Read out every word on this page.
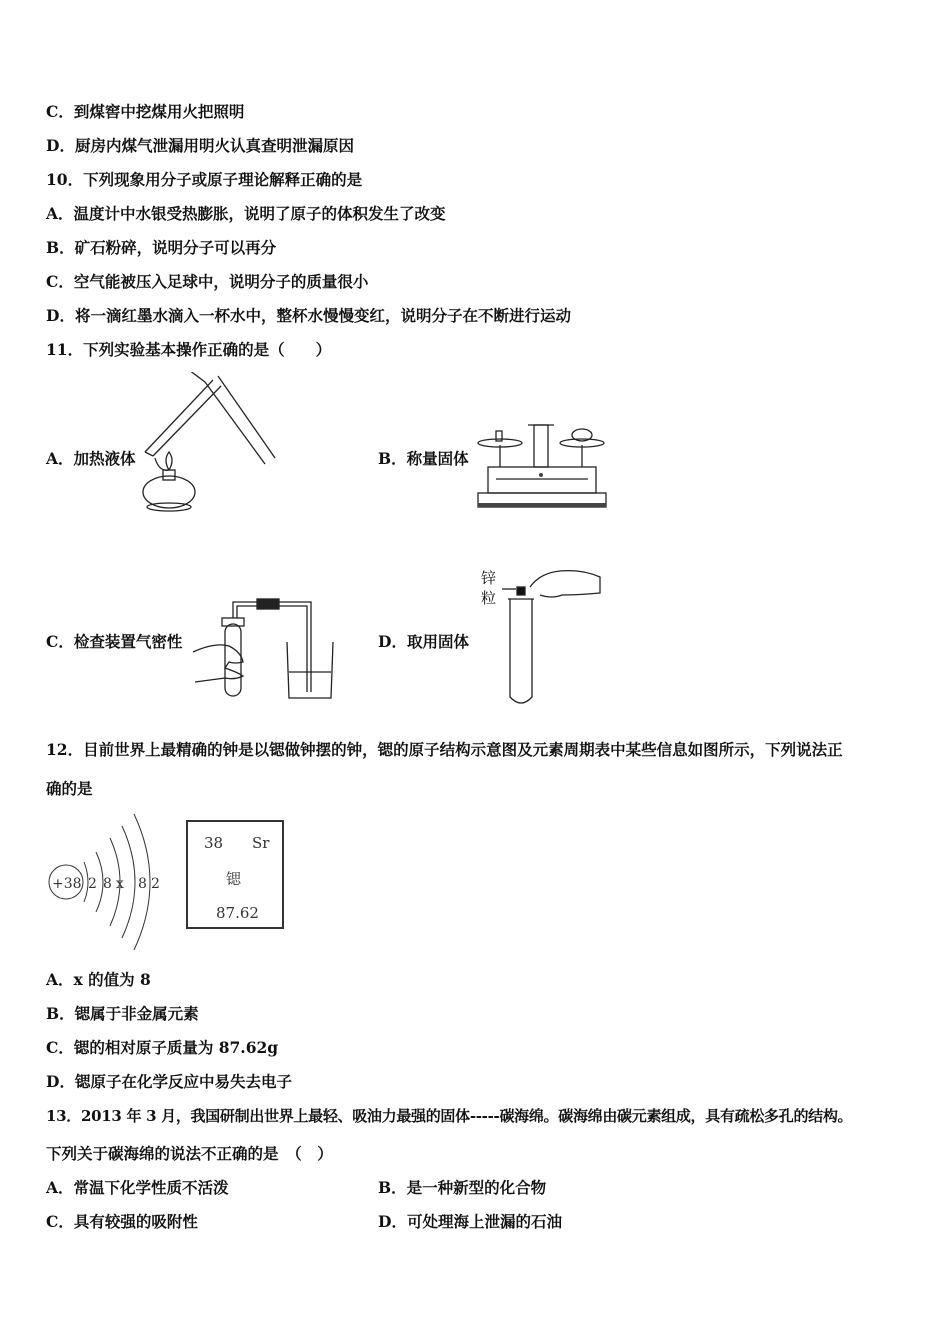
C．到煤窖中挖煤用火把照明
D．厨房内煤气泄漏用明火认真查明泄漏原因
10．下列现象用分子或原子理论解释正确的是
A．温度计中水银受热膨胀，说明了原子的体积发生了改变
B．矿石粉碎，说明分子可以再分
C．空气能被压入足球中，说明分子的质量很小
D．将一滴红墨水滴入一杯水中，整杯水慢慢变红，说明分子在不断进行运动
11．下列实验基本操作正确的是（　　）
A．加热液体	B．称量固体
C．检查装置气密性	D．取用固体
锌
粒
12．目前世界上最精确的钟是以锶做钟摆的钟，锶的原子结构示意图及元素周期表中某些信息如图所示，下列说法正
确的是
+38 2 8 x 8 2
38 Sr
锶
87.62
A．x 的值为 8
B．锶属于非金属元素
C．锶的相对原子质量为 87.62g
D．锶原子在化学反应中易失去电子
13．2013 年 3 月，我国研制出世界上最轻、吸油力最强的固体-----碳海绵。碳海绵由碳元素组成，具有疏松多孔的结构。
下列关于碳海绵的说法不正确的是　（　）
A．常温下化学性质不活泼	B．是一种新型的化合物
C．具有较强的吸附性	D．可处理海上泄漏的石油
